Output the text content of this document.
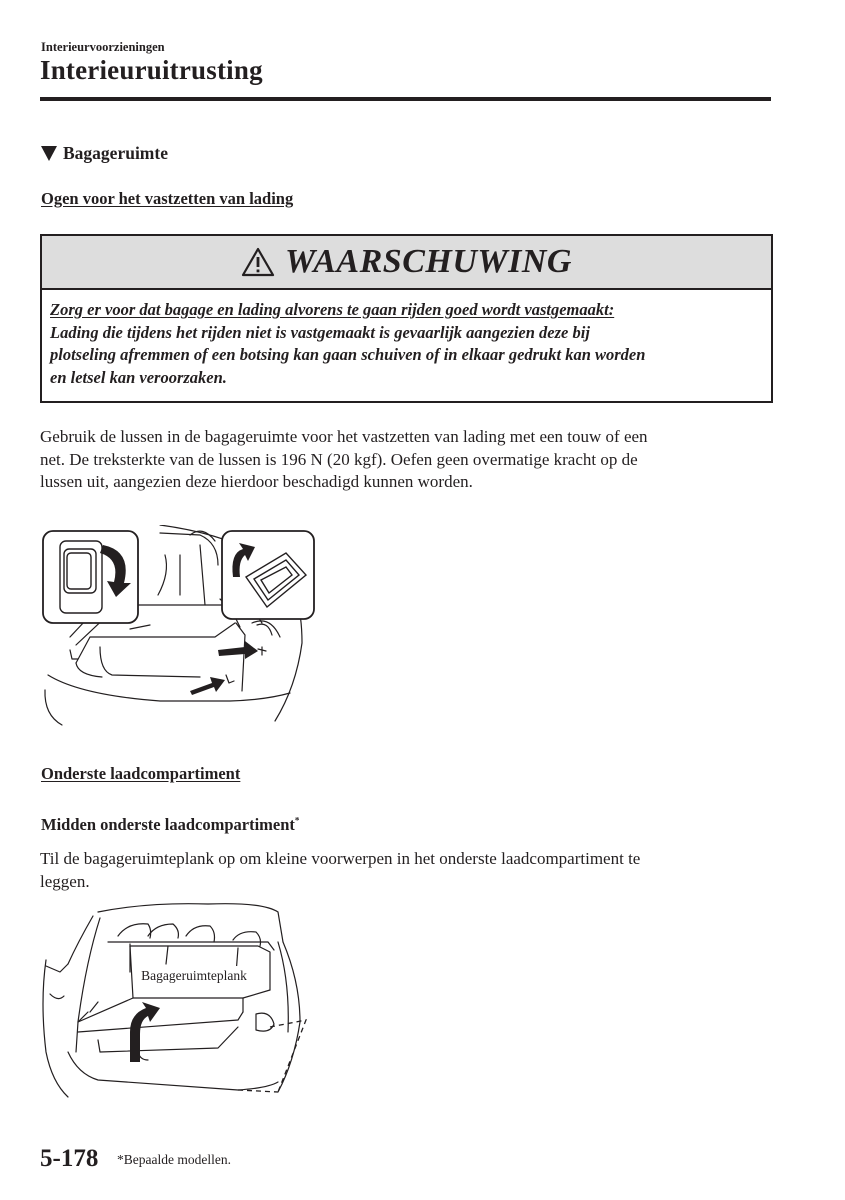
Interieurvoorzieningen
Interieuruitrusting
Bagageruimte
Ogen voor het vastzetten van lading
WAARSCHUWING
Zorg er voor dat bagage en lading alvorens te gaan rijden goed wordt vastgemaakt:
Lading die tijdens het rijden niet is vastgemaakt is gevaarlijk aangezien deze bij
plotseling afremmen of een botsing kan gaan schuiven of in elkaar gedrukt kan worden
en letsel kan veroorzaken.
Gebruik de lussen in de bagageruimte voor het vastzetten van lading met een touw of een
net. De treksterkte van de lussen is 196 N (20 kgf). Oefen geen overmatige kracht op de
lussen uit, aangezien deze hierdoor beschadigd kunnen worden.
Onderste laadcompartiment
Midden onderste laadcompartiment*
Til de bagageruimteplank op om kleine voorwerpen in het onderste laadcompartiment te
leggen.
Bagageruimteplank
5-178 *Bepaalde modellen.
